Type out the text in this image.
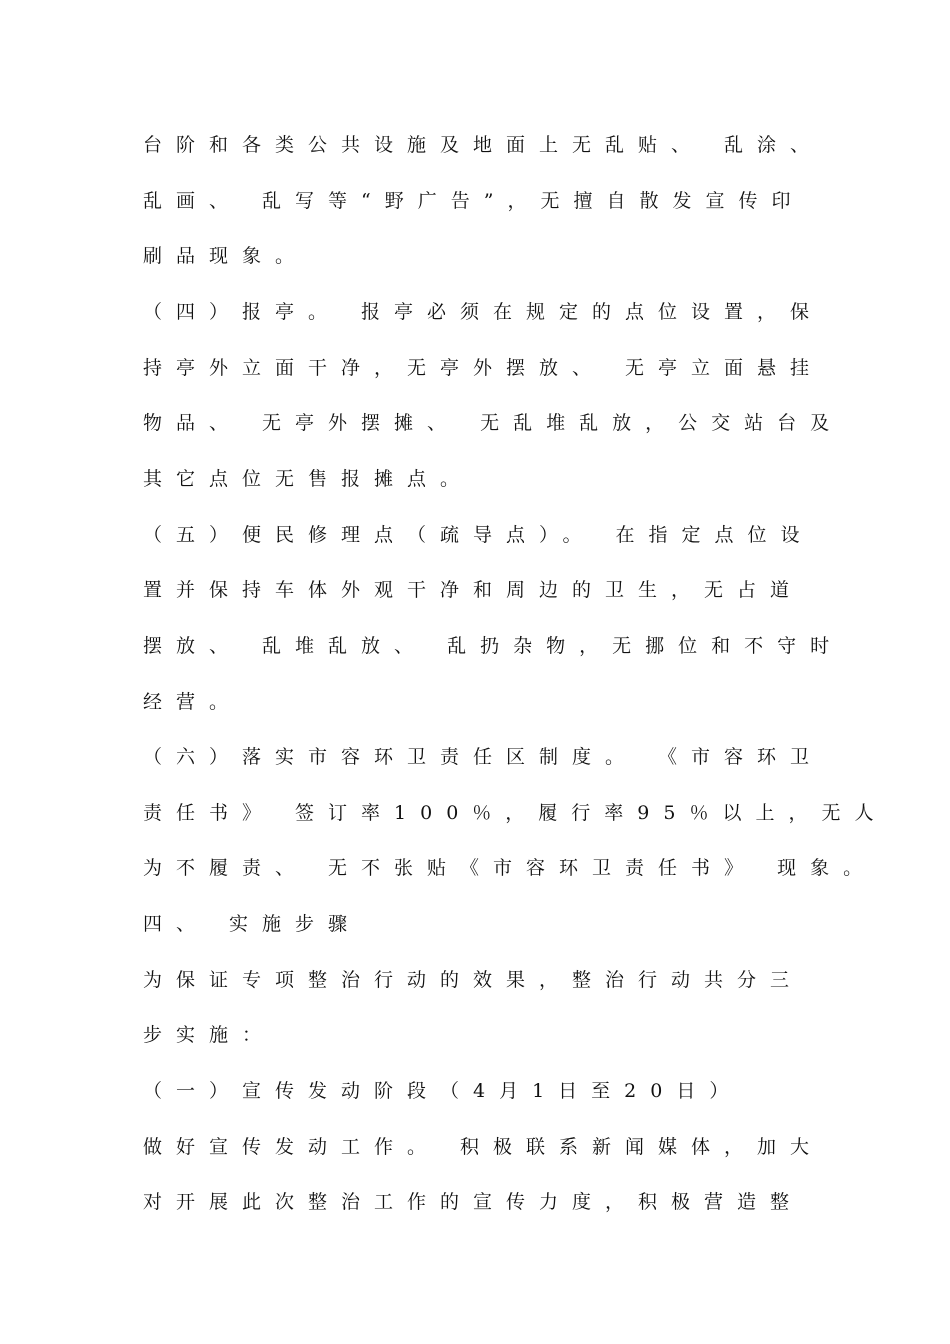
台阶和各类公共设施及地面上无乱贴、 乱涂、
乱画、 乱写等“野广告”，无擅自散发宣传印
刷品现象。
（四）报亭。 报亭必须在规定的点位设置，保
持亭外立面干净，无亭外摆放、 无亭立面悬挂
物品、 无亭外摆摊、 无乱堆乱放，公交站台及
其它点位无售报摊点。
（五）便民修理点（疏导点）。 在指定点位设
置并保持车体外观干净和周边的卫生，无占道
摆放、 乱堆乱放、 乱扔杂物，无挪位和不守时
经营。
（六）落实市容环卫责任区制度。 《市容环卫
责任书》 签订率100％，履行率95％以上，无人
为不履责、 无不张贴《市容环卫责任书》 现象。
四、 实施步骤
为保证专项整治行动的效果，整治行动共分三
步实施：
（一）宣传发动阶段（4月1日至20日）
做好宣传发动工作。 积极联系新闻媒体，加大
对开展此次整治工作的宣传力度，积极营造整
